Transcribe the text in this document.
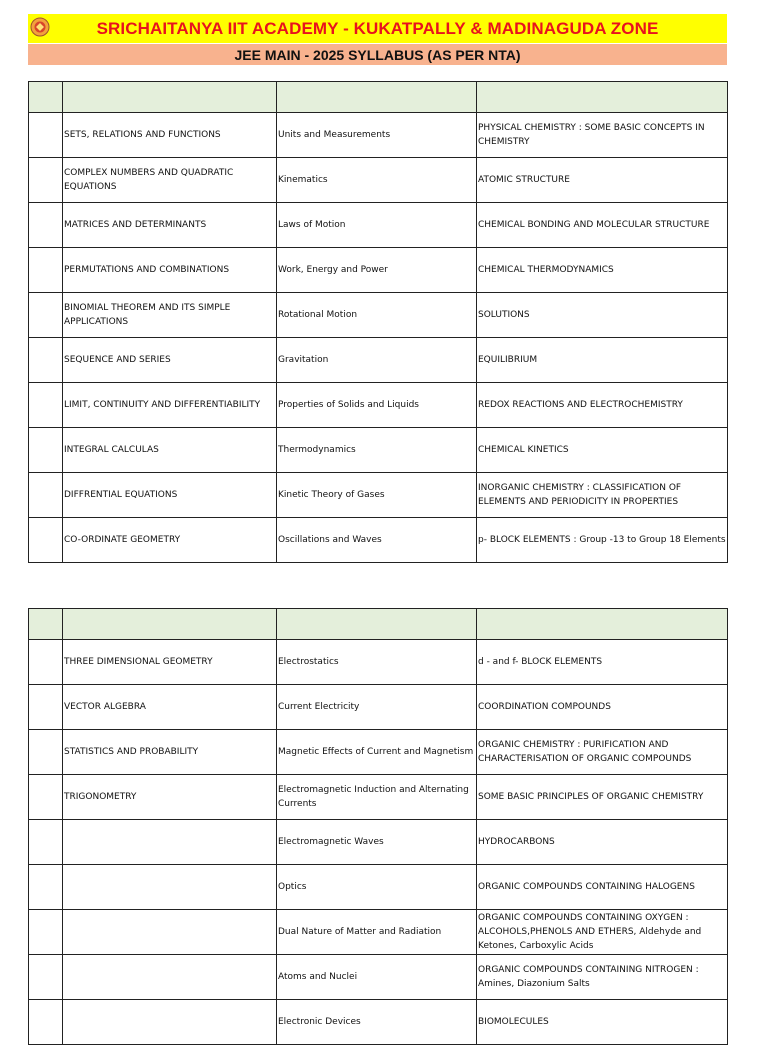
SRICHAITANYA IIT ACADEMY - KUKATPALLY & MADINAGUDA ZONE
JEE MAIN - 2025 SYLLABUS (AS PER NTA)

	SETS, RELATIONS AND FUNCTIONS	Units and Measurements	PHYSICAL CHEMISTRY : SOME BASIC CONCEPTS IN CHEMISTRY
	COMPLEX NUMBERS AND QUADRATIC EQUATIONS	Kinematics	ATOMIC STRUCTURE
	MATRICES AND DETERMINANTS	Laws of Motion	CHEMICAL BONDING AND MOLECULAR STRUCTURE
	PERMUTATIONS AND COMBINATIONS	Work, Energy and Power	CHEMICAL THERMODYNAMICS
	BINOMIAL THEOREM AND ITS SIMPLE APPLICATIONS	Rotational Motion	SOLUTIONS
	SEQUENCE AND SERIES	Gravitation	EQUILIBRIUM
	LIMIT, CONTINUITY AND DIFFERENTIABILITY	Properties of Solids and Liquids	REDOX REACTIONS AND ELECTROCHEMISTRY
	INTEGRAL CALCULAS	Thermodynamics	CHEMICAL KINETICS
	DIFFRENTIAL EQUATIONS	Kinetic Theory of Gases	INORGANIC CHEMISTRY : CLASSIFICATION OF ELEMENTS AND PERIODICITY IN PROPERTIES
	CO-ORDINATE GEOMETRY	Oscillations and Waves	p- BLOCK ELEMENTS : Group -13 to Group 18 Elements

	THREE DIMENSIONAL GEOMETRY	Electrostatics	d - and f- BLOCK ELEMENTS
	VECTOR ALGEBRA	Current Electricity	COORDINATION COMPOUNDS
	STATISTICS AND PROBABILITY	Magnetic Effects of Current and Magnetism	ORGANIC CHEMISTRY : PURIFICATION AND CHARACTERISATION OF ORGANIC COMPOUNDS
	TRIGONOMETRY	Electromagnetic Induction and Alternating Currents	SOME BASIC PRINCIPLES OF ORGANIC CHEMISTRY
		Electromagnetic Waves	HYDROCARBONS
		Optics	ORGANIC COMPOUNDS CONTAINING HALOGENS
		Dual Nature of Matter and Radiation	ORGANIC COMPOUNDS CONTAINING OXYGEN : ALCOHOLS,PHENOLS AND ETHERS, Aldehyde and Ketones, Carboxylic Acids
		Atoms and Nuclei	ORGANIC COMPOUNDS CONTAINING NITROGEN : Amines, Diazonium Salts
		Electronic Devices	BIOMOLECULES
